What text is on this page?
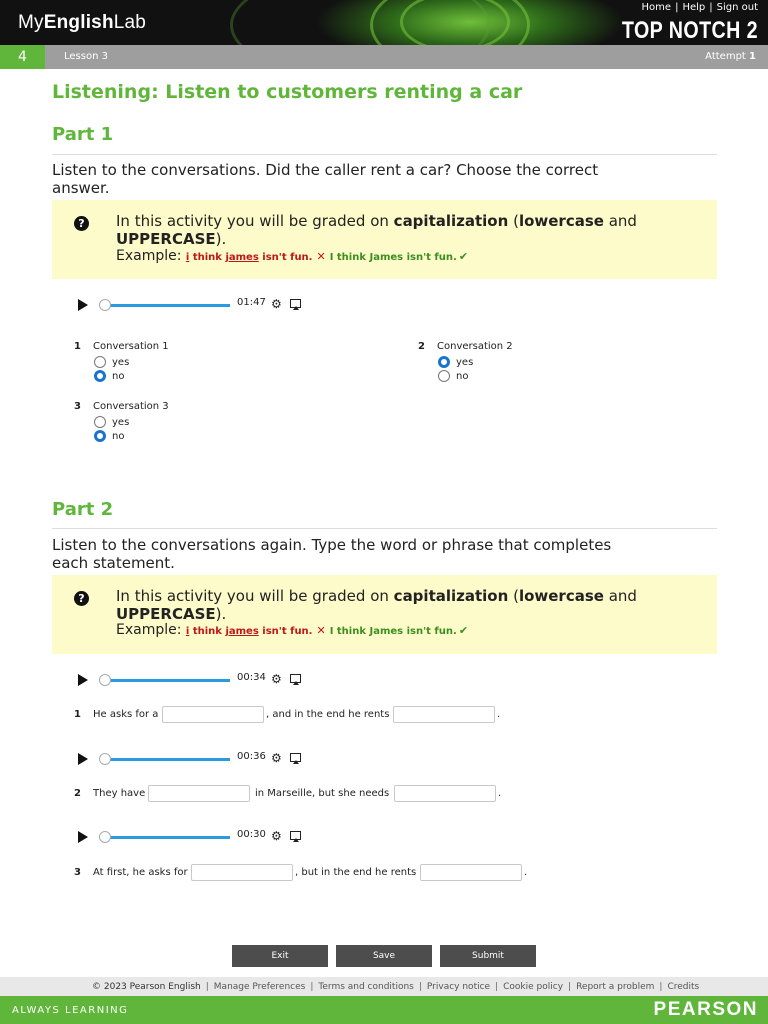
My English Lab
Home | Help | Sign out
TOP NOTCH 2
4	Lesson 3	Attempt 1
Listening: Listen to customers renting a car
Part 1
Listen to the conversations. Did the caller rent a car? Choose the correct answer.
? In this activity you will be graded on capitalization (lowercase and UPPERCASE).
Example: i think james isn't fun. ✕ I think James isn't fun. ✔
01:47 ⚙
1 Conversation 1
yes
no
2 Conversation 2
yes
no
3 Conversation 3
yes
no
Part 2
Listen to the conversations again. Type the word or phrase that completes each statement.
? In this activity you will be graded on capitalization (lowercase and UPPERCASE).
Example: i think james isn't fun. ✕ I think James isn't fun. ✔
00:34 ⚙
1 He asks for a	, and in the end he rents	.
00:36 ⚙
2 They have	in Marseille, but she needs	.
00:30 ⚙
3 At first, he asks for	, but in the end he rents	.
Exit	Save	Submit
© 2023 Pearson English | Manage Preferences | Terms and conditions | Privacy notice | Cookie policy | Report a problem | Credits
ALWAYS LEARNING	PEARSON
